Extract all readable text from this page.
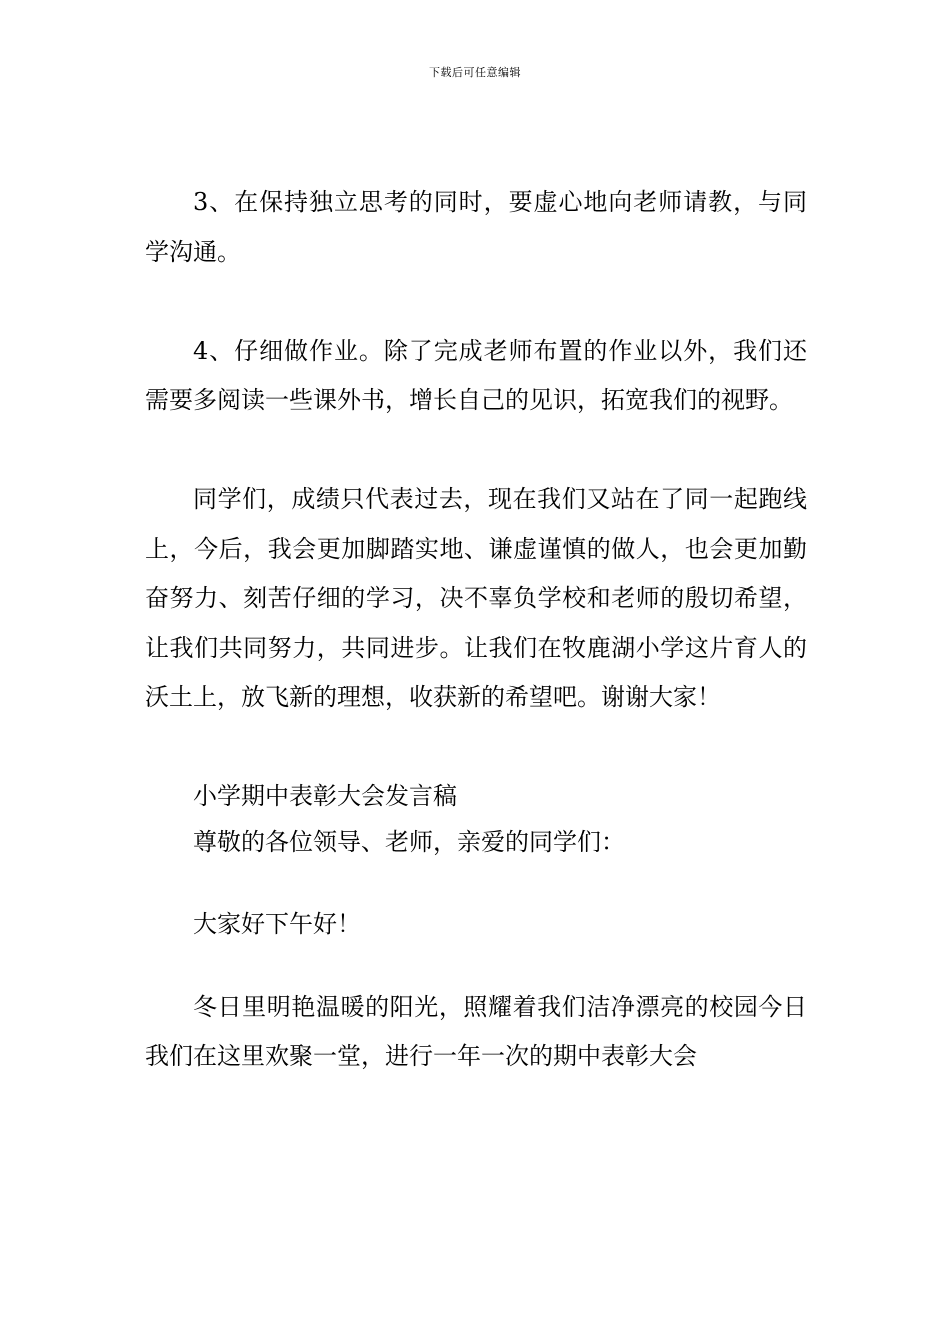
下载后可任意编辑

3、在保持独立思考的同时，要虚心地向老师请教，与同学沟通。

4、仔细做作业。除了完成老师布置的作业以外，我们还需要多阅读一些课外书，增长自己的见识，拓宽我们的视野。

同学们，成绩只代表过去，现在我们又站在了同一起跑线上，今后，我会更加脚踏实地、谦虚谨慎的做人，也会更加勤奋努力、刻苦仔细的学习，决不辜负学校和老师的殷切希望，让我们共同努力，共同进步。让我们在牧鹿湖小学这片育人的沃土上，放飞新的理想，收获新的希望吧。谢谢大家！

小学期中表彰大会发言稿

尊敬的各位领导、老师，亲爱的同学们：

大家好下午好！

冬日里明艳温暖的阳光，照耀着我们洁净漂亮的校园今日我们在这里欢聚一堂，进行一年一次的期中表彰大会
